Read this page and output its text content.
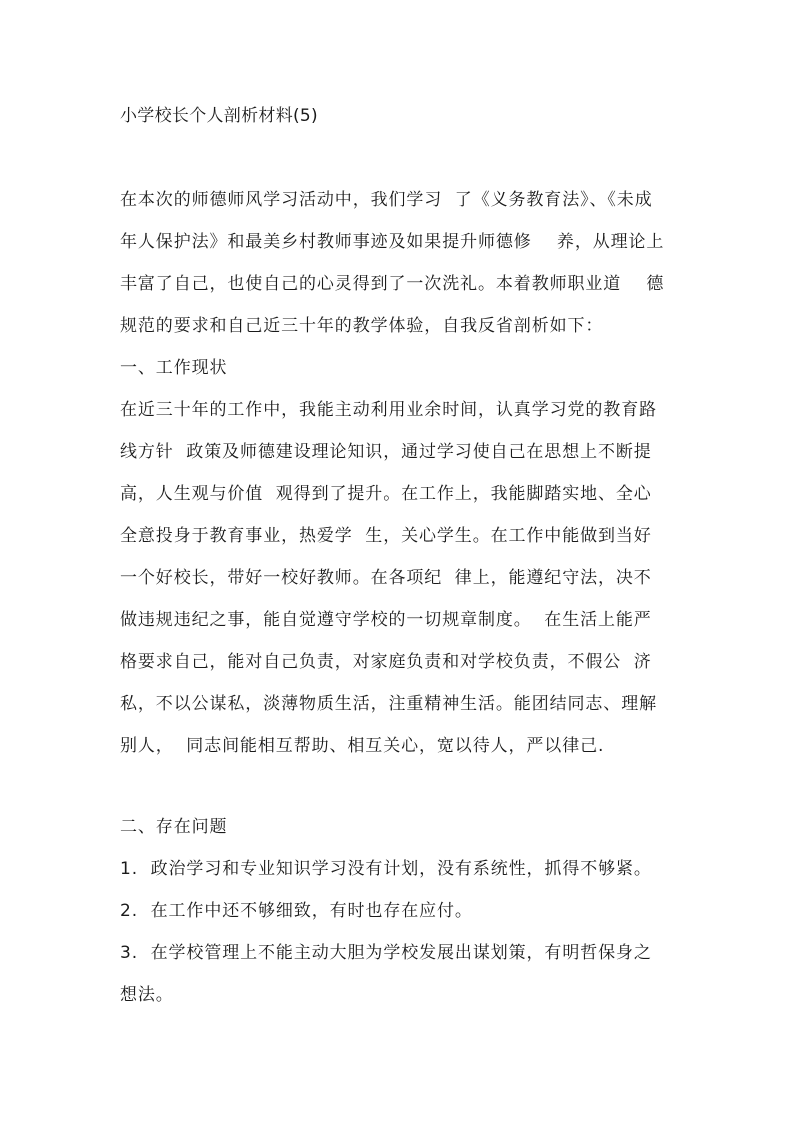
小学校长个人剖析材料(5)
在本次的师德师风学习活动中，我们学习  了《义务教育法》、《未成
年人保护法》和最美乡村教师事迹及如果提升师德修    养，从理论上
丰富了自己，也使自己的心灵得到了一次洗礼。本着教师职业道    德
规范的要求和自己近三十年的教学体验，自我反省剖析如下：
一、工作现状
在近三十年的工作中，我能主动利用业余时间，认真学习党的教育路
线方针  政策及师德建设理论知识，通过学习使自己在思想上不断提
高，人生观与价值  观得到了提升。在工作上，我能脚踏实地、全心
全意投身于教育事业，热爱学  生，关心学生。在工作中能做到当好
一个好校长，带好一校好教师。在各项纪  律上，能遵纪守法，决不
做违规违纪之事，能自觉遵守学校的一切规章制度。  在生活上能严
格要求自己，能对自己负责，对家庭负责和对学校负责，不假公  济
私，不以公谋私，淡薄物质生活，注重精神生活。能团结同志、理解
别人，  同志间能相互帮助、相互关心，宽以待人，严以律己.
二、存在问题
1.  政治学习和专业知识学习没有计划，没有系统性，抓得不够紧。
2.  在工作中还不够细致，有时也存在应付。
3.  在学校管理上不能主动大胆为学校发展出谋划策，有明哲保身之
想法。
